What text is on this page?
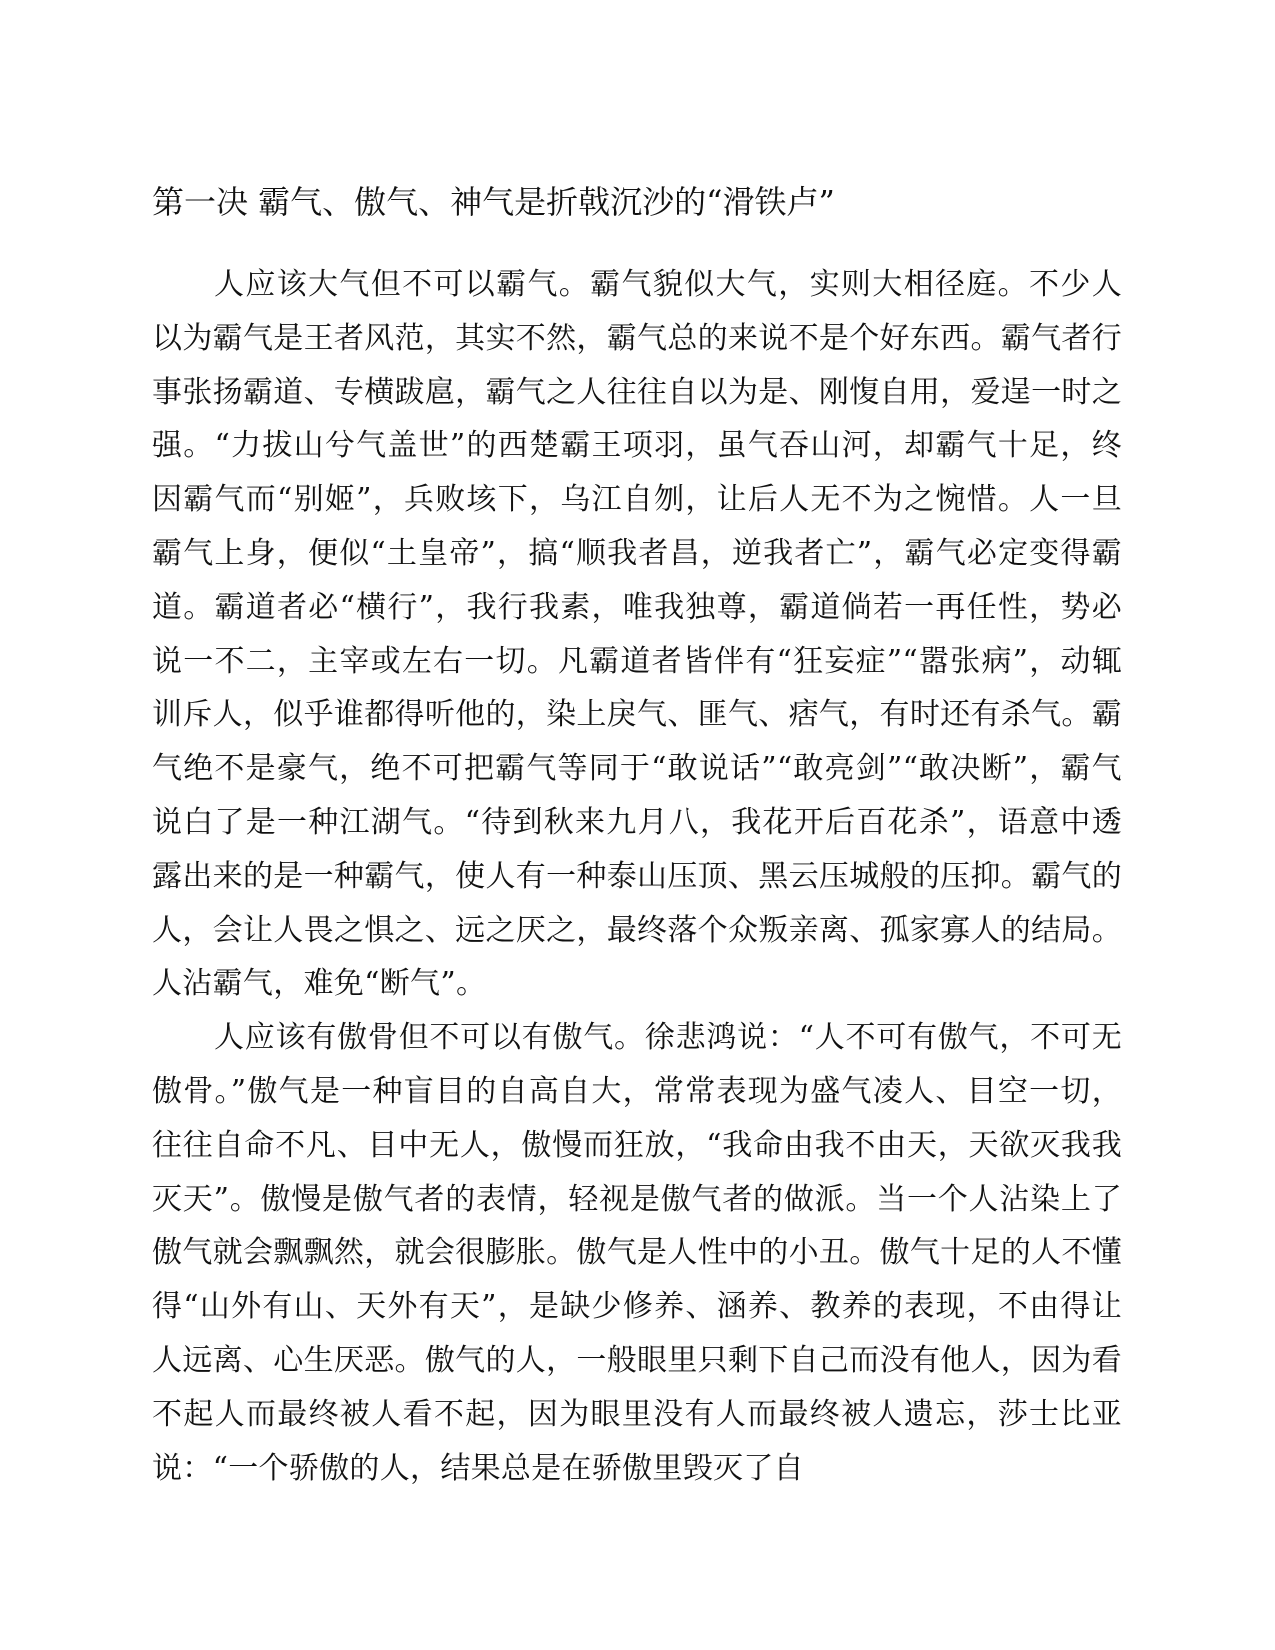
第一决 霸气、傲气、神气是折戟沉沙的“滑铁卢”

人应该大气但不可以霸气。霸气貌似大气，实则大相径庭。不少人以为霸气是王者风范，其实不然，霸气总的来说不是个好东西。霸气者行事张扬霸道、专横跋扈，霸气之人往往自以为是、刚愎自用，爱逞一时之强。“力拔山兮气盖世”的西楚霸王项羽，虽气吞山河，却霸气十足，终因霸气而“别姬”，兵败垓下，乌江自刎，让后人无不为之惋惜。人一旦霸气上身，便似“土皇帝”，搞“顺我者昌，逆我者亡”，霸气必定变得霸道。霸道者必“横行”，我行我素，唯我独尊，霸道倘若一再任性，势必说一不二，主宰或左右一切。凡霸道者皆伴有“狂妄症”“嚣张病”，动辄训斥人，似乎谁都得听他的，染上戾气、匪气、痞气，有时还有杀气。霸气绝不是豪气，绝不可把霸气等同于“敢说话”“敢亮剑”“敢决断”，霸气说白了是一种江湖气。“待到秋来九月八，我花开后百花杀”，语意中透露出来的是一种霸气，使人有一种泰山压顶、黑云压城般的压抑。霸气的人，会让人畏之惧之、远之厌之，最终落个众叛亲离、孤家寡人的结局。人沾霸气，难免“断气”。

人应该有傲骨但不可以有傲气。徐悲鸿说：“人不可有傲气，不可无傲骨。”傲气是一种盲目的自高自大，常常表现为盛气凌人、目空一切，往往自命不凡、目中无人，傲慢而狂放，“我命由我不由天，天欲灭我我灭天”。傲慢是傲气者的表情，轻视是傲气者的做派。当一个人沾染上了傲气就会飘飘然，就会很膨胀。傲气是人性中的小丑。傲气十足的人不懂得“山外有山、天外有天”，是缺少修养、涵养、教养的表现，不由得让人远离、心生厌恶。傲气的人，一般眼里只剩下自己而没有他人，因为看不起人而最终被人看不起，因为眼里没有人而最终被人遗忘，莎士比亚说：“一个骄傲的人，结果总是在骄傲里毁灭了自
